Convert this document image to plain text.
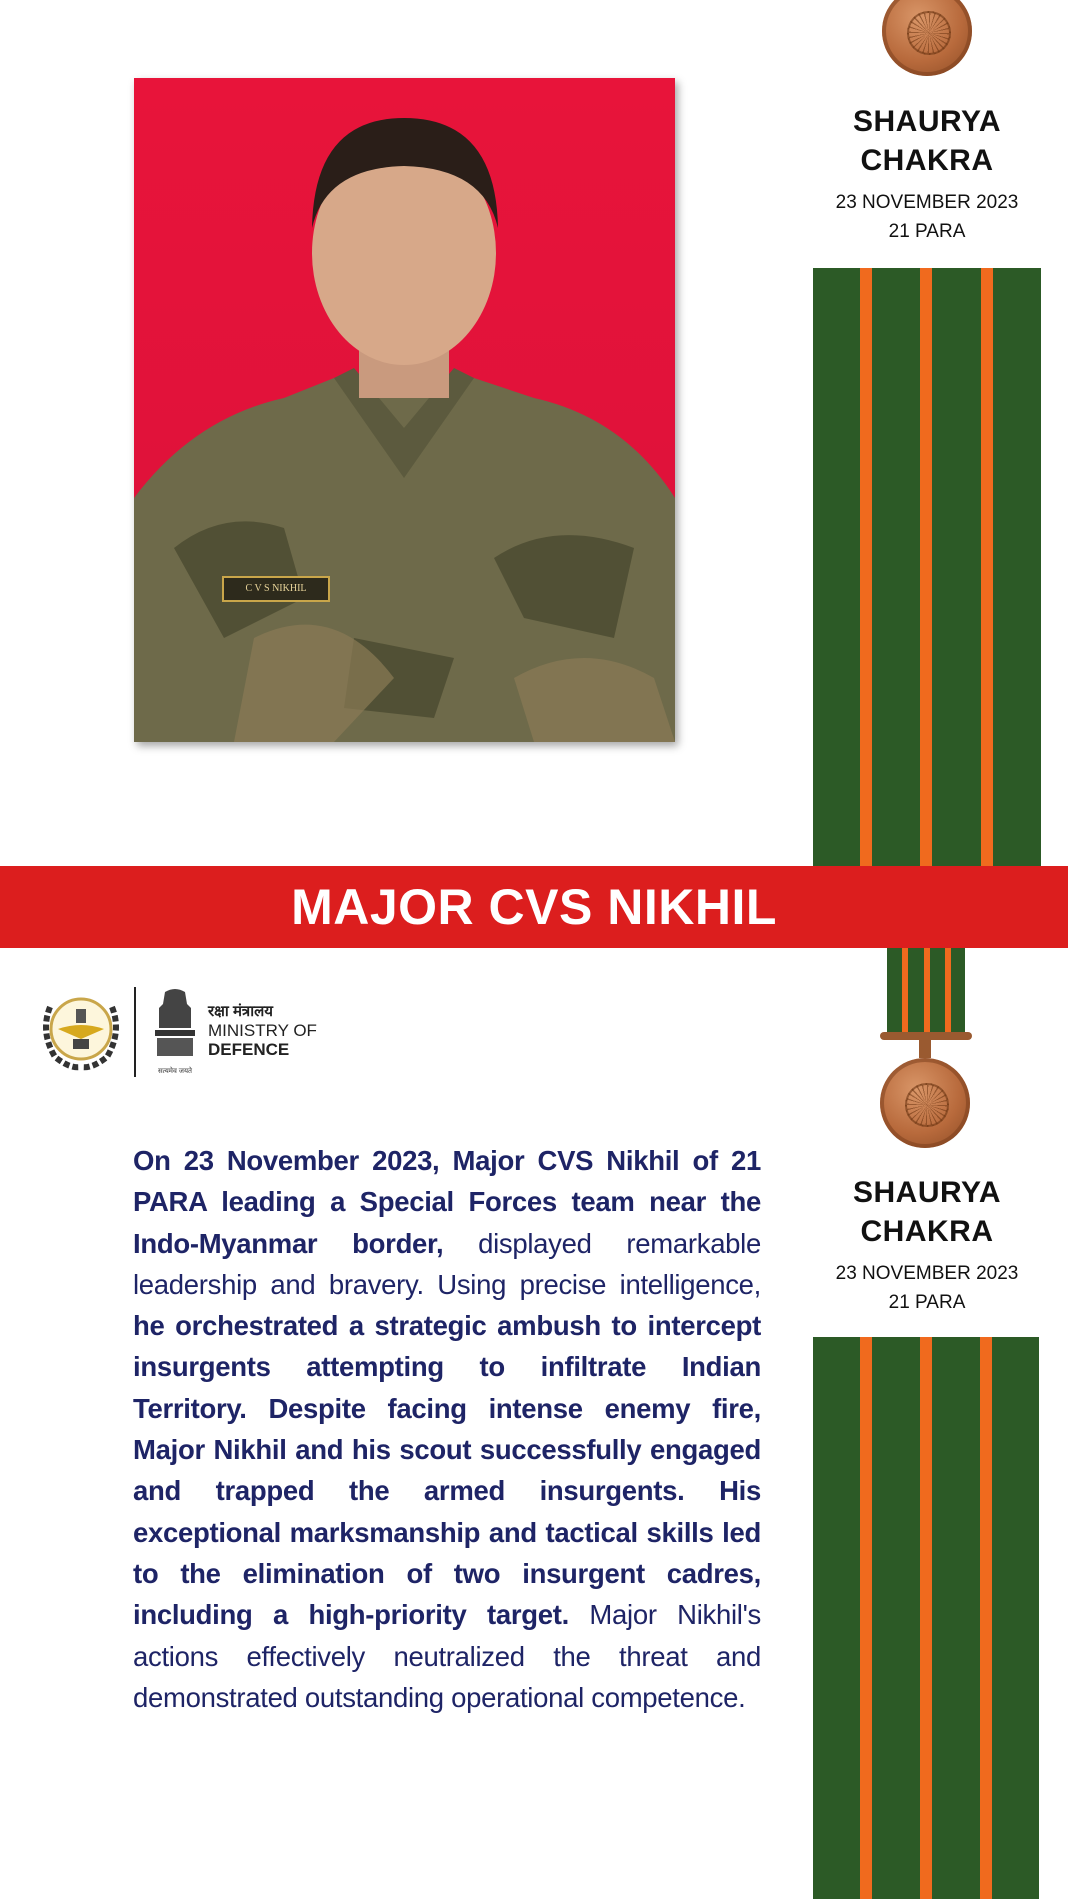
C V S NIKHIL
SHAURYA
CHAKRA
23 NOVEMBER 2023
21 PARA
MAJOR CVS NIKHIL
सत्यमेव जयते
रक्षा मंत्रालय
MINISTRY OF
DEFENCE
On 23 November 2023, Major CVS Nikhil of 21 PARA leading a Special Forces team near the Indo-Myanmar border, displayed remarkable leadership and bravery. Using precise intelligence, he orchestrated a strategic ambush to intercept insurgents attempting to infiltrate Indian Territory. Despite facing intense enemy fire, Major Nikhil and his scout successfully engaged and trapped the armed insurgents. His exceptional marksmanship and tactical skills led to the elimination of two insurgent cadres, including a high-priority target. Major Nikhil's actions effectively neutralized the threat and demonstrated outstanding operational competence.
SHAURYA
CHAKRA
23 NOVEMBER 2023
21 PARA
